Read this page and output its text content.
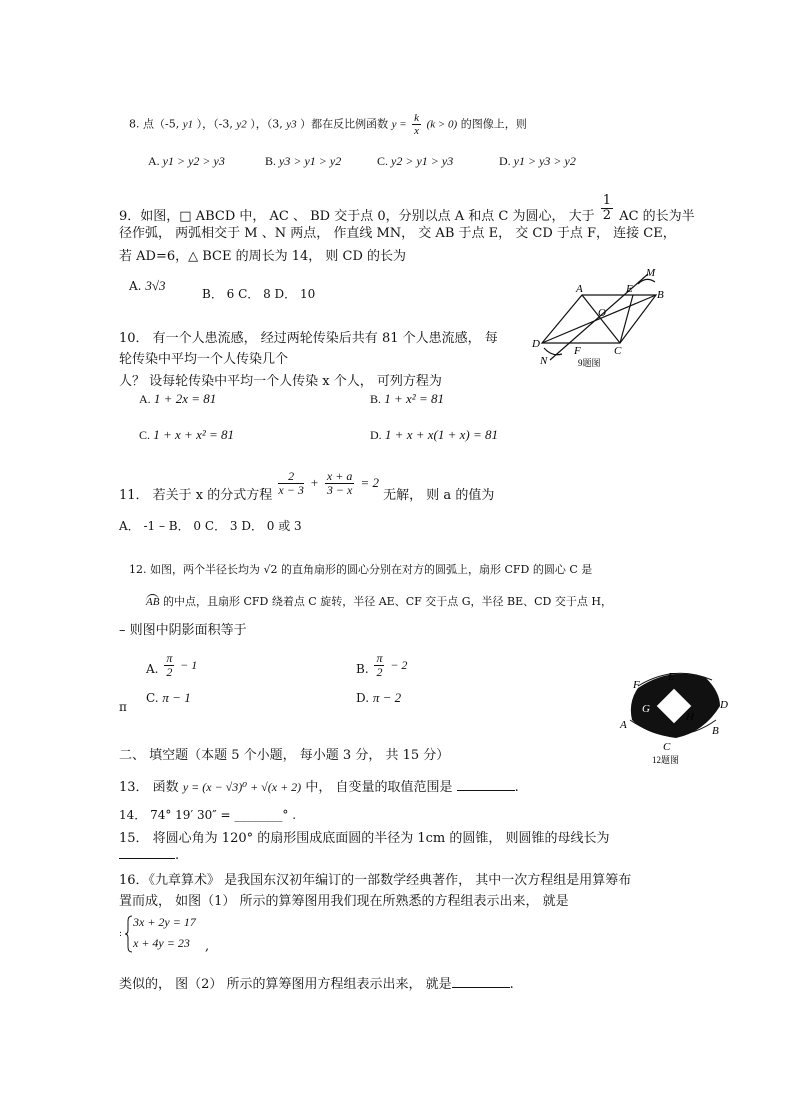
8. 点（-5, y1 ），（-3, y2 ），（3, y3 ）都在反比例函数 $y = \frac{k}{x} (k > 0)$ 的图像上，则
A. y1 > y2 > y3	B. y3 > y1 > y2	C. y2 > y1 > y3	D. y1 > y3 > y2
9．如图，□ ABCD 中， AC 、 BD 交于点 0，分别以点 A 和点 C 为圆心， 大于 $\frac{1}{2}$ AC 的长为半
径作弧， 两弧相交于 M 、N 两点， 作直线 MN， 交 AB 于点 E， 交 CD 于点 F， 连接 CE，
若 AD=6，△ BCE 的周长为 14， 则 CD 的长为
A. 3√3
B． 6 C． 8 D． 10	A	E B
M
O
D
F	C
N	9题图
10． 有一个人患流感， 经过两轮传染后共有 81 个人患流感， 每
轮传染中平均一个人传染几个
人？ 设每轮传染中平均一个人传染 x 个人， 可列方程为
A. 1 + 2x = 81	B. 1 + x² = 81
C. 1 + x + x² = 81	D. 1 + x + x(1 + x) = 81
11． 若关于 x 的分式方程 $\frac{2}{x - 3} + \frac{x + a}{3 - x} = 2$ 无解， 则 a 的值为
A． -1 – B． 0 C． 3 D． 0 或 3
12. 如图，两个半径长均为 √2 的直角扇形的圆心分别在对方的圆弧上，扇形 CFD 的圆心 C 是
AB 的中点，且扇形 CFD 绕着点 C 旋转，半径 AE、CF 交于点 G，半径 BE、CD 交于点 H，
– 则图中阴影面积等于
A. $\frac{\pi}{2} - 1$	B. $\frac{\pi}{2} - 2$
π
C. π − 1	D. π − 2
F
E
D
G
H
A	B
C
12题图
二、 填空题（本题 5 个小题， 每小题 3 分， 共 15 分）
13． 函数 y = (x − √3)⁰ + √(x + 2) 中， 自变量的取值范围是	.
14． 74° 19′ 30″ = ________° .
15． 将圆心角为 120° 的扇形围成底面圆的半径为 1cm 的圆锥， 则圆锥的母线长为
.
16．《九章算术》 是我国东汉初年编订的一部数学经典著作， 其中一次方程组是用算筹布
置而成， 如图（1） 所示的算筹图用我们现在所熟悉的方程组表示出来， 就是
:
3x + 2y = 17
x + 4y = 23 ,
类似的， 图（2） 所示的算筹图用方程组表示出来， 就是	.
